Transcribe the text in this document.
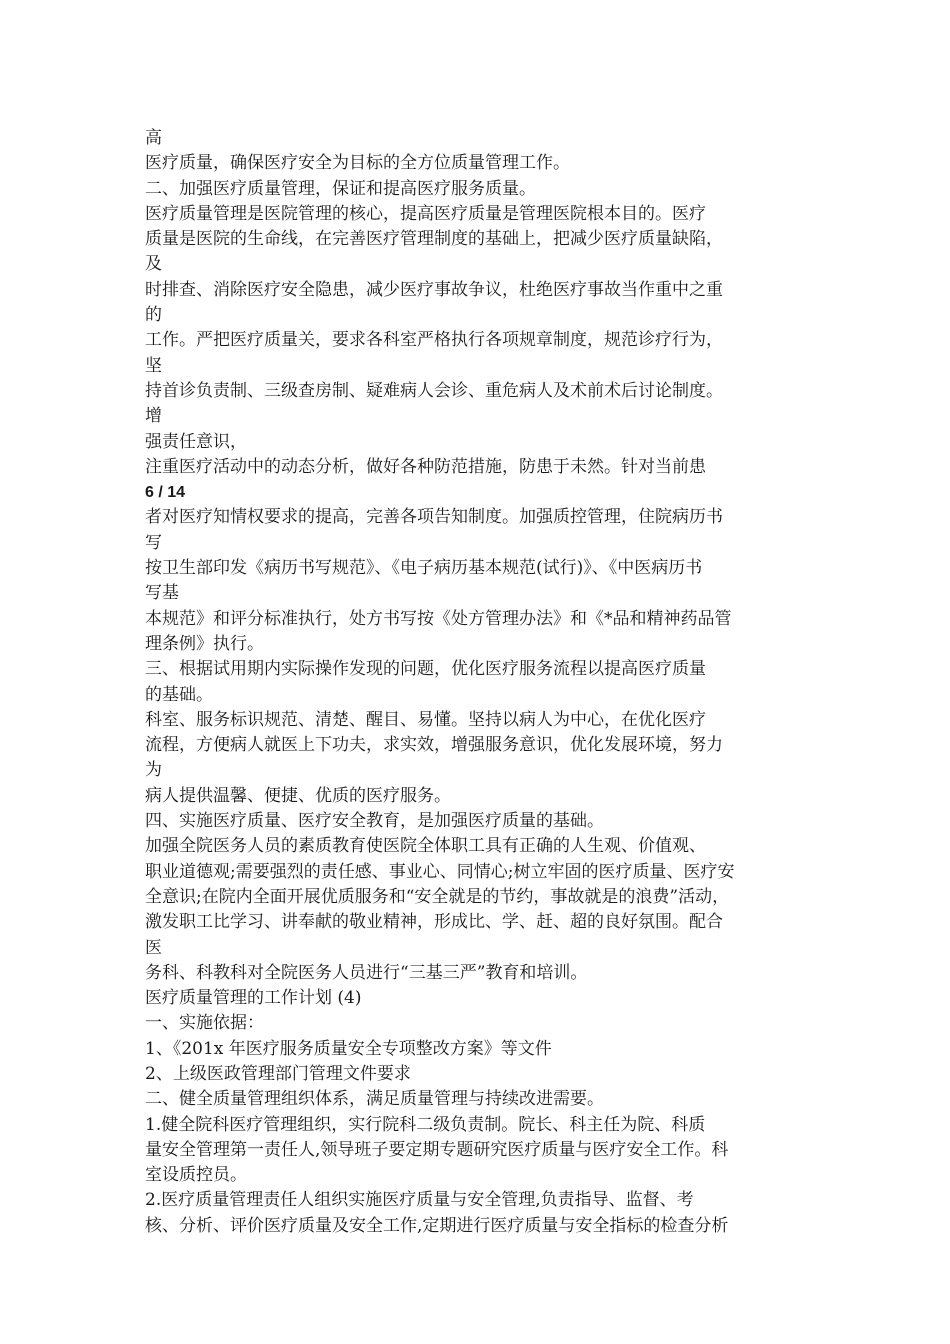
高
医疗质量，确保医疗安全为目标的全方位质量管理工作。
二、加强医疗质量管理，保证和提高医疗服务质量。
医疗质量管理是医院管理的核心，提高医疗质量是管理医院根本目的。医疗
质量是医院的生命线，在完善医疗管理制度的基础上，把减少医疗质量缺陷，
及
时排查、消除医疗安全隐患，减少医疗事故争议，杜绝医疗事故当作重中之重
的
工作。严把医疗质量关，要求各科室严格执行各项规章制度，规范诊疗行为，
坚
持首诊负责制、三级查房制、疑难病人会诊、重危病人及术前术后讨论制度。
增
强责任意识，
注重医疗活动中的动态分析，做好各种防范措施，防患于未然。针对当前患
6 / 14
者对医疗知情权要求的提高，完善各项告知制度。加强质控管理，住院病历书
写
按卫生部印发《病历书写规范》、《电子病历基本规范(试行)》、《中医病历书
写基
本规范》和评分标准执行，处方书写按《处方管理办法》和《*品和精神药品管
理条例》执行。
三、根据试用期内实际操作发现的问题，优化医疗服务流程以提高医疗质量
的基础。
科室、服务标识规范、清楚、醒目、易懂。坚持以病人为中心，在优化医疗
流程，方便病人就医上下功夫，求实效，增强服务意识，优化发展环境，努力
为
病人提供温馨、便捷、优质的医疗服务。
四、实施医疗质量、医疗安全教育，是加强医疗质量的基础。
加强全院医务人员的素质教育使医院全体职工具有正确的人生观、价值观、
职业道德观;需要强烈的责任感、事业心、同情心;树立牢固的医疗质量、医疗安
全意识;在院内全面开展优质服务和“安全就是的节约，事故就是的浪费”活动，
激发职工比学习、讲奉献的敬业精神，形成比、学、赶、超的良好氛围。配合
医
务科、科教科对全院医务人员进行“三基三严”教育和培训。
医疗质量管理的工作计划 (4)
一、实施依据：
1、《201x 年医疗服务质量安全专项整改方案》等文件
2、上级医政管理部门管理文件要求
二、健全质量管理组织体系，满足质量管理与持续改进需要。
1.健全院科医疗管理组织，实行院科二级负责制。院长、科主任为院、科质
量安全管理第一责任人,领导班子要定期专题研究医疗质量与医疗安全工作。科
室设质控员。
2.医疗质量管理责任人组织实施医疗质量与安全管理,负责指导、监督、考
核、分析、评价医疗质量及安全工作,定期进行医疗质量与安全指标的检查分析
